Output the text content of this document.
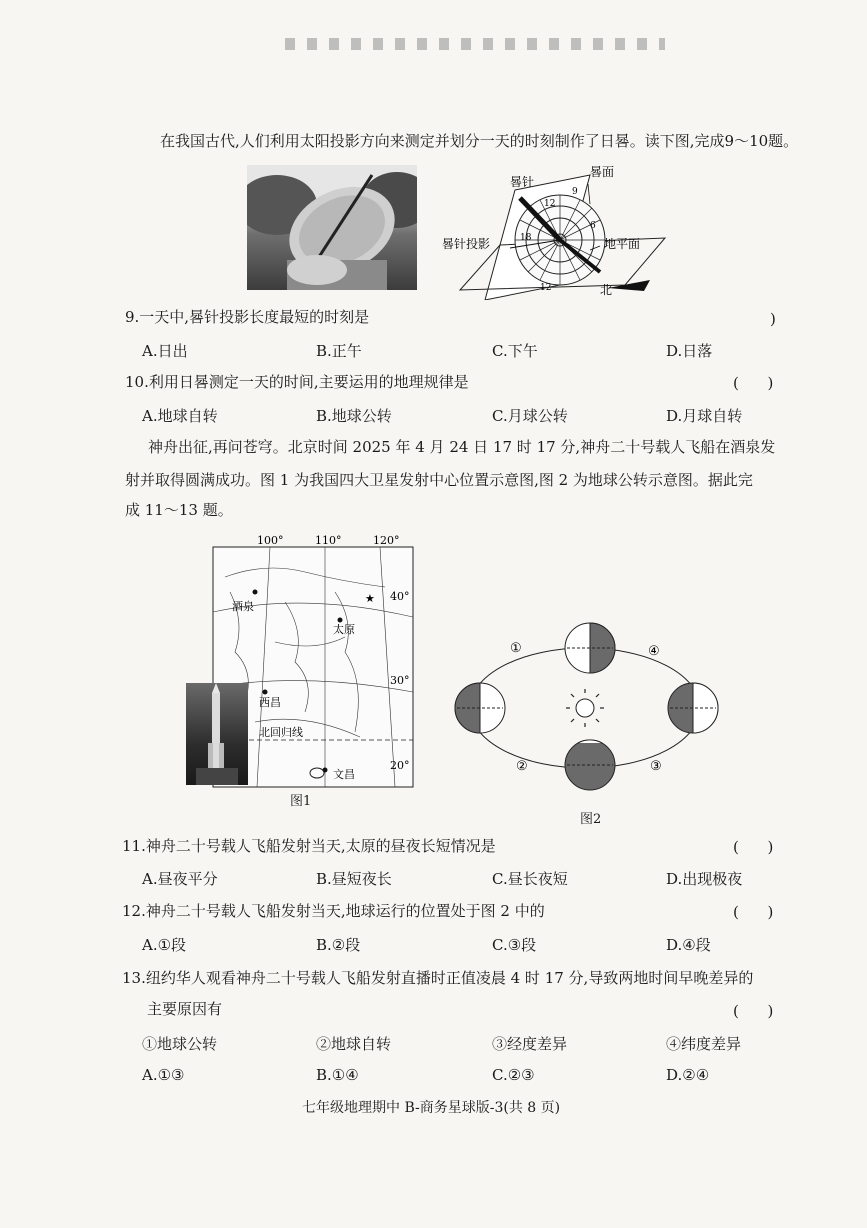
在我国古代,人们利用太阳投影方向来测定并划分一天的时刻制作了日晷。读下图,完成9～10题。
晷针
晷面
晷针投影	地平面
北
12
9
6
18
12
9.一天中,晷针投影长度最短的时刻是	)
A.日出	B.正午	C.下午	D.日落
10.利用日晷测定一天的时间,主要运用的地理规律是	(      )
A.地球自转	B.地球公转	C.月球公转	D.月球自转
神舟出征,再问苍穹。北京时间 2025 年 4 月 24 日 17 时 17 分,神舟二十号载人飞船在酒泉发
射并取得圆满成功。图 1 为我国四大卫星发射中心位置示意图,图 2 为地球公转示意图。据此完
成 11～13 题。
★
100°	110°	120°
40°
30°
20°
酒泉
太原
西昌
文昌
北回归线
图1
①
②	③
④
图2
11.神舟二十号载人飞船发射当天,太原的昼夜长短情况是	(      )
A.昼夜平分	B.昼短夜长	C.昼长夜短	D.出现极夜
12.神舟二十号载人飞船发射当天,地球运行的位置处于图 2 中的	(      )
A.①段	B.②段	C.③段	D.④段
13.纽约华人观看神舟二十号载人飞船发射直播时正值凌晨 4 时 17 分,导致两地时间早晚差异的
主要原因有	(      )
①地球公转	②地球自转	③经度差异	④纬度差异
A.①③	B.①④	C.②③	D.②④
七年级地理期中 B-商务星球版-3(共 8 页)
